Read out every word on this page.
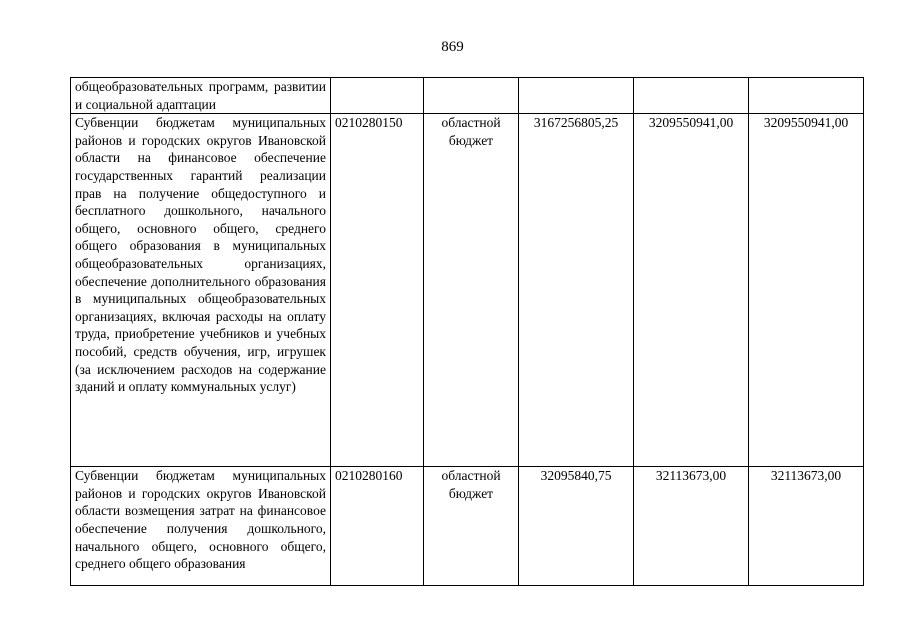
869
общеобразовательных программ, развитии и социальной адаптации					
Субвенции бюджетам муниципальных районов и городских округов Ивановской области на финансовое обеспечение государственных гарантий реализации прав на получение общедоступного и бесплатного дошкольного, начального общего, основного общего, среднего общего образования в муниципальных общеобразовательных организациях, обеспечение дополнительного образования в муниципальных общеобразовательных организациях, включая расходы на оплату труда, приобретение учебников и учебных пособий, средств обучения, игр, игрушек (за исключением расходов на содержание зданий и оплату коммунальных услуг)	0210280150	областной бюджет	3167256805,25	3209550941,00	3209550941,00
Субвенции бюджетам муниципальных районов и городских округов Ивановской области возмещения затрат на финансовое обеспечение получения дошкольного, начального общего, основного общего, среднего общего образования	0210280160	областной бюджет	32095840,75	32113673,00	32113673,00
